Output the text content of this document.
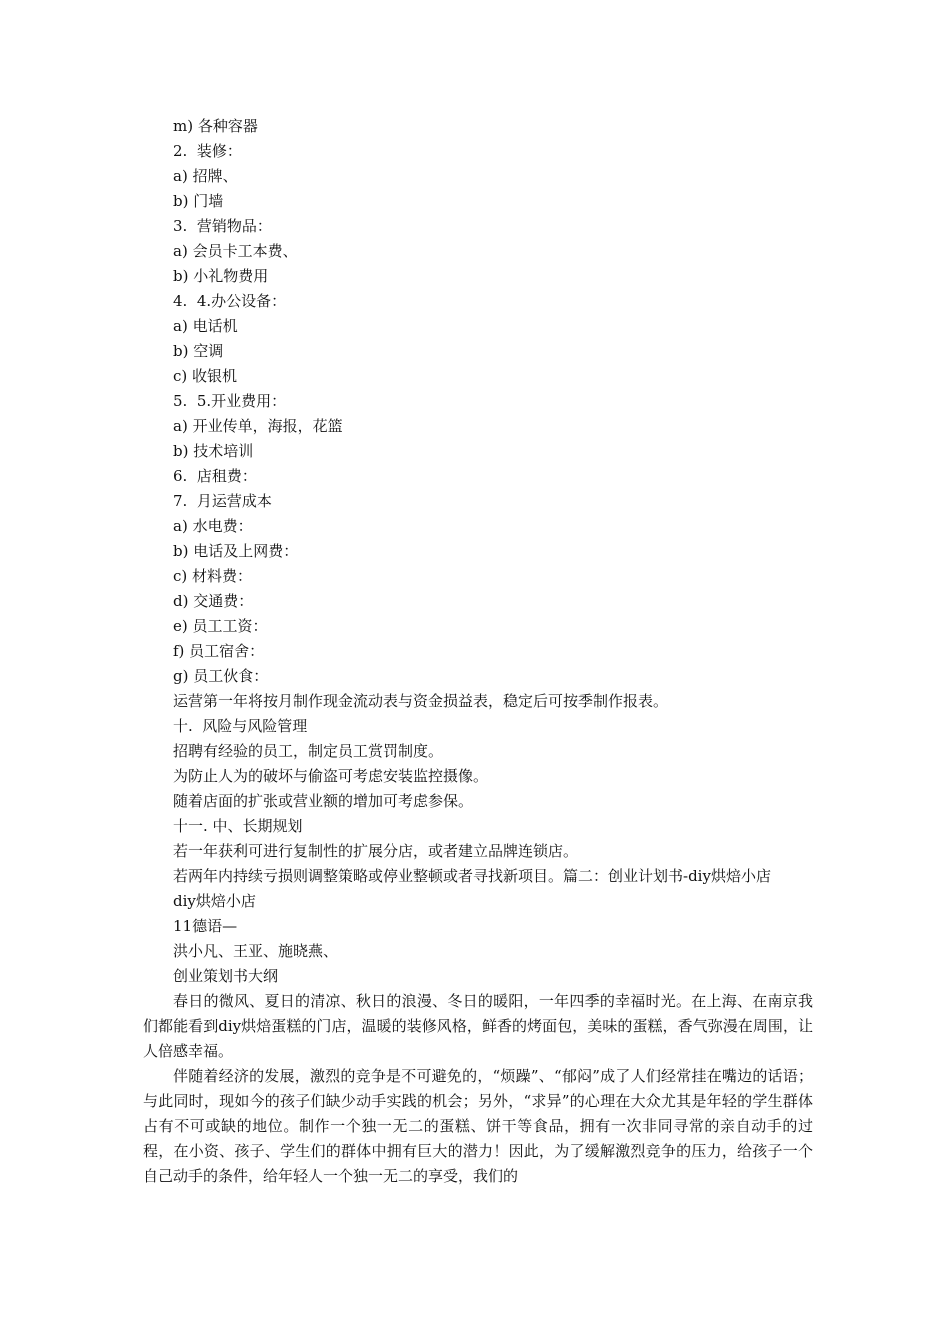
m) 各种容器
2.  装修：
a) 招牌、
b) 门墙
3.  营销物品：
a) 会员卡工本费、
b) 小礼物费用
4.  4.办公设备：
a) 电话机
b) 空调
c) 收银机
5.  5.开业费用：
a) 开业传单，海报，花篮
b) 技术培训
6.  店租费：
7.  月运营成本
a) 水电费：
b) 电话及上网费：
c) 材料费：
d) 交通费：
e) 员工工资：
f) 员工宿舍：
g) 员工伙食：
运营第一年将按月制作现金流动表与资金损益表，稳定后可按季制作报表。
十.  风险与风险管理
招聘有经验的员工，制定员工赏罚制度。
为防止人为的破坏与偷盗可考虑安装监控摄像。
随着店面的扩张或营业额的增加可考虑参保。
十一. 中、长期规划
若一年获利可进行复制性的扩展分店，或者建立品牌连锁店。
若两年内持续亏损则调整策略或停业整顿或者寻找新项目。篇二：创业计划书-diy烘焙小店
diy烘焙小店
11德语—
洪小凡、王亚、施晓燕、
创业策划书大纲
春日的微风、夏日的清凉、秋日的浪漫、冬日的暖阳，一年四季的幸福时光。在上海、在南京我们都能看到diy烘焙蛋糕的门店，温暖的装修风格，鲜香的烤面包，美味的蛋糕，香气弥漫在周围，让人倍感幸福。
伴随着经济的发展，激烈的竞争是不可避免的，“烦躁”、“郁闷”成了人们经常挂在嘴边的话语；与此同时，现如今的孩子们缺少动手实践的机会；另外，“求异”的心理在大众尤其是年轻的学生群体占有不可或缺的地位。制作一个独一无二的蛋糕、饼干等食品，拥有一次非同寻常的亲自动手的过程，在小资、孩子、学生们的群体中拥有巨大的潜力！因此，为了缓解激烈竞争的压力，给孩子一个自己动手的条件，给年轻人一个独一无二的享受，我们的
